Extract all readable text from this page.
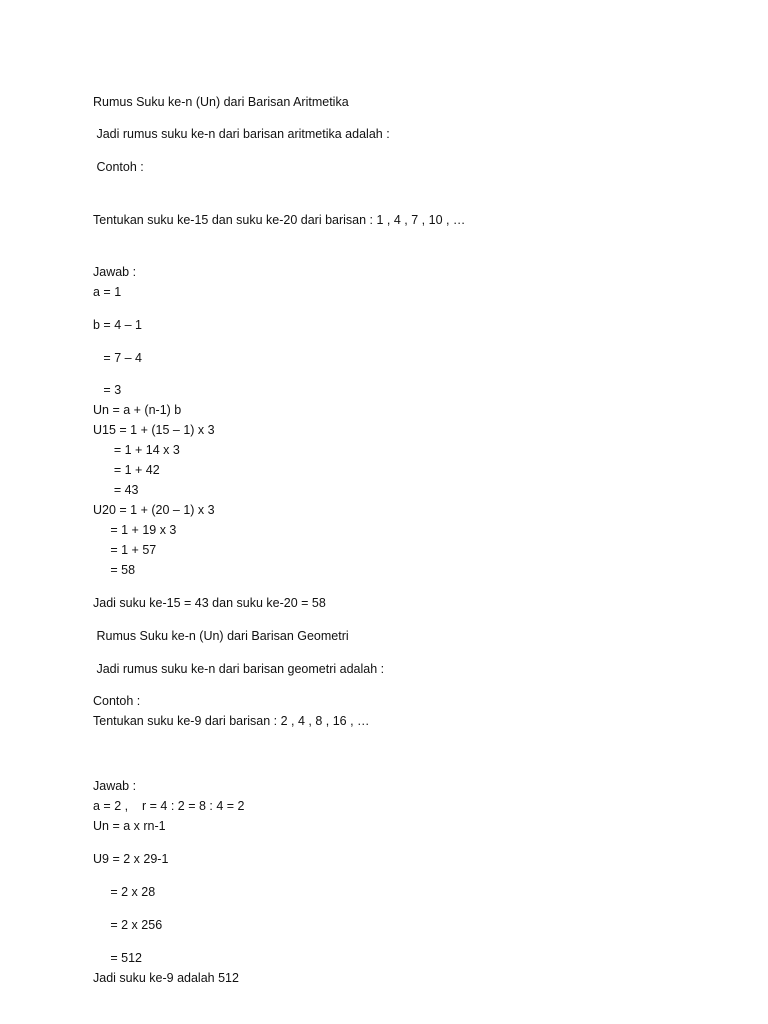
Rumus Suku ke-n (Un) dari Barisan Aritmetika
Jadi rumus suku ke-n dari barisan aritmetika adalah :
Contoh :
Tentukan suku ke-15 dan suku ke-20 dari barisan : 1 , 4 , 7 , 10 , …
Jawab :
a = 1
b = 4 – 1
= 7 – 4
= 3
Un = a + (n-1) b
U15 = 1 + (15 – 1) x 3
= 1 + 14 x 3
= 1 + 42
= 43
U20 = 1 + (20 – 1) x 3
= 1 + 19 x 3
= 1 + 57
= 58
Jadi suku ke-15 = 43 dan suku ke-20 = 58
Rumus Suku ke-n (Un) dari Barisan Geometri
Jadi rumus suku ke-n dari barisan geometri adalah :
Contoh :
Tentukan suku ke-9 dari barisan : 2 , 4 , 8 , 16 , …
Jawab :
a = 2 ,    r = 4 : 2 = 8 : 4 = 2
Un = a x rn-1
U9 = 2 x 29-1
= 2 x 28
= 2 x 256
= 512
Jadi suku ke-9 adalah 512
